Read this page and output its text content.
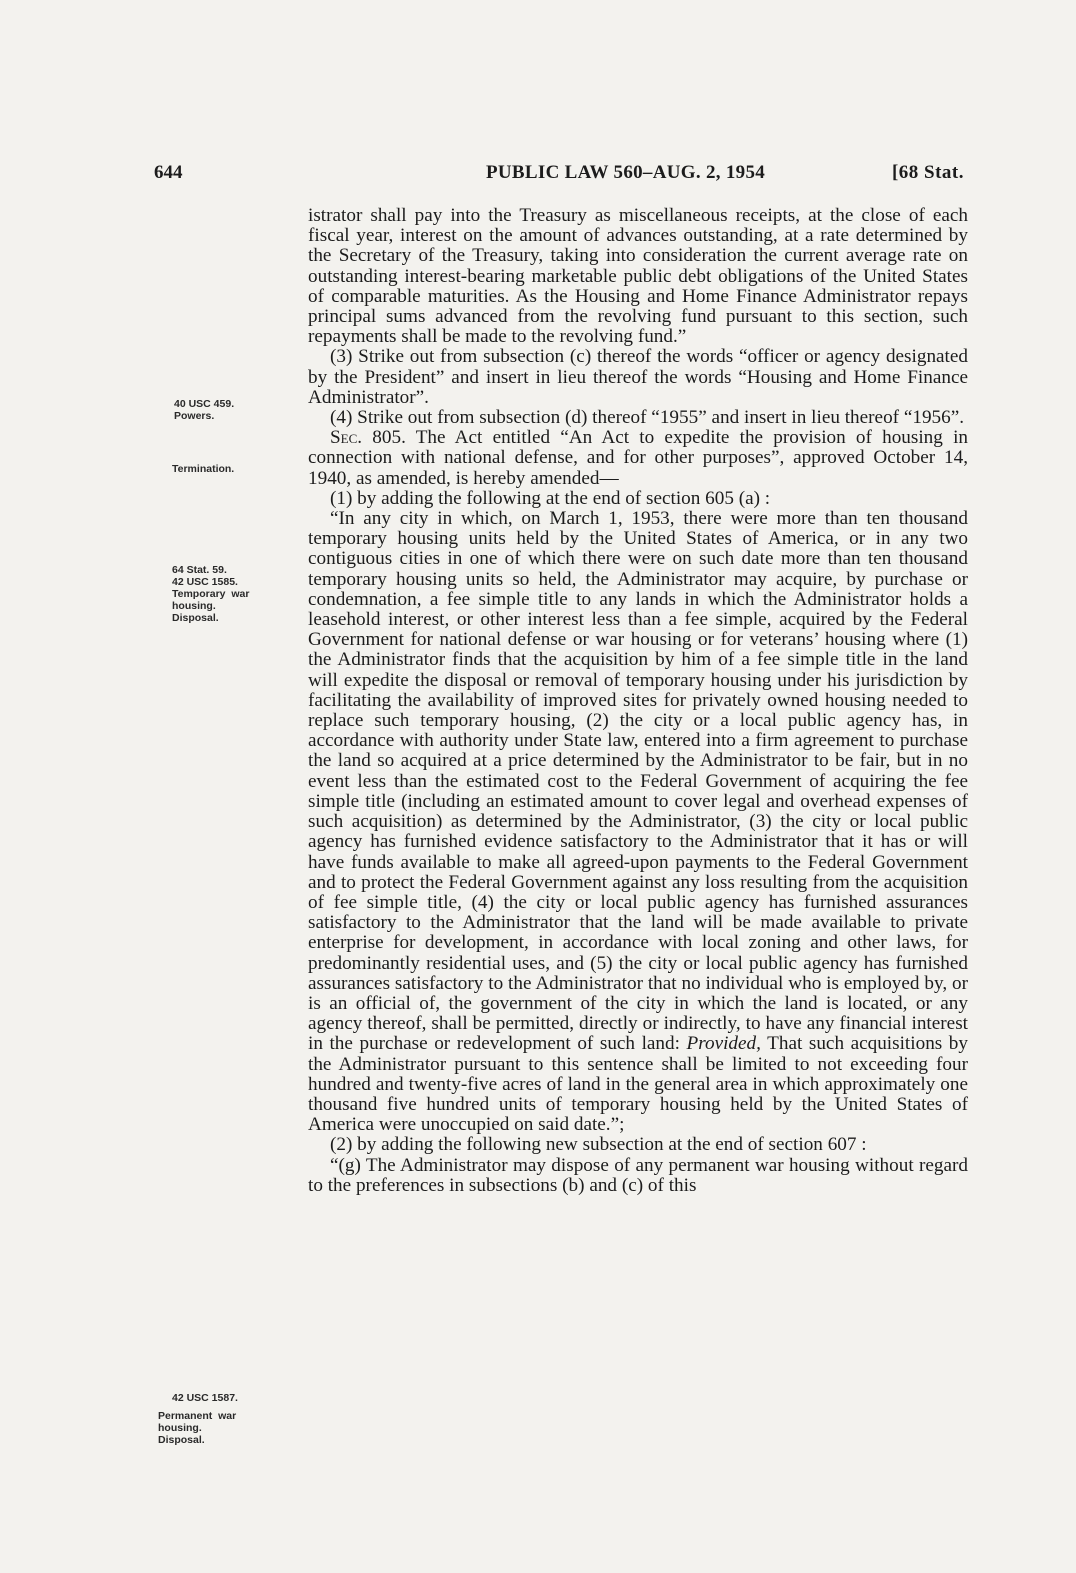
644	PUBLIC LAW 560–AUG. 2, 1954	[68 Stat.
40 USC 459.
Powers.
Termination.
64 Stat. 59.
42 USC 1585.
Temporary  war
housing.
Disposal.
42 USC 1587.
Permanent  war
housing.
Disposal.

istrator shall pay into the Treasury as miscellaneous receipts, at the close of each fiscal year, interest on the amount of advances outstanding, at a rate determined by the Secretary of the Treasury, taking into consideration the current average rate on outstanding interest-bearing marketable public debt obligations of the United States of comparable maturities. As the Housing and Home Finance Administrator repays principal sums advanced from the revolving fund pursuant to this section, such repayments shall be made to the revolving fund.”

(3) Strike out from subsection (c) thereof the words “officer or agency designated by the President” and insert in lieu thereof the words “Housing and Home Finance Administrator”.

(4) Strike out from subsection (d) thereof “1955” and insert in lieu thereof “1956”.

Sec. 805. The Act entitled “An Act to expedite the provision of housing in connection with national defense, and for other purposes”, approved October 14, 1940, as amended, is hereby amended—

(1) by adding the following at the end of section 605 (a) :

“In any city in which, on March 1, 1953, there were more than ten thousand temporary housing units held by the United States of America, or in any two contiguous cities in one of which there were on such date more than ten thousand temporary housing units so held, the Administrator may acquire, by purchase or condemnation, a fee simple title to any lands in which the Administrator holds a leasehold interest, or other interest less than a fee simple, acquired by the Federal Government for national defense or war housing or for veterans’ housing where (1) the Administrator finds that the acquisition by him of a fee simple title in the land will expedite the disposal or removal of temporary housing under his jurisdiction by facilitating the availability of improved sites for privately owned housing needed to replace such temporary housing, (2) the city or a local public agency has, in accordance with authority under State law, entered into a firm agreement to purchase the land so acquired at a price determined by the Administrator to be fair, but in no event less than the estimated cost to the Federal Government of acquiring the fee simple title (including an estimated amount to cover legal and overhead expenses of such acquisition) as determined by the Administrator, (3) the city or local public agency has furnished evidence satisfactory to the Administrator that it has or will have funds available to make all agreed-upon payments to the Federal Government and to protect the Federal Government against any loss resulting from the acquisition of fee simple title, (4) the city or local public agency has furnished assurances satisfactory to the Administrator that the land will be made available to private enterprise for development, in accordance with local zoning and other laws, for predominantly residential uses, and (5) the city or local public agency has furnished assurances satisfactory to the Administrator that no individual who is employed by, or is an official of, the government of the city in which the land is located, or any agency thereof, shall be permitted, directly or indirectly, to have any financial interest in the purchase or redevelopment of such land: Provided, That such acquisitions by the Administrator pursuant to this sentence shall be limited to not exceeding four hundred and twenty-five acres of land in the general area in which approximately one thousand five hundred units of temporary housing held by the United States of America were unoccupied on said date.”;

(2) by adding the following new subsection at the end of section 607 :

“(g) The Administrator may dispose of any permanent war housing without regard to the preferences in subsections (b) and (c) of this
